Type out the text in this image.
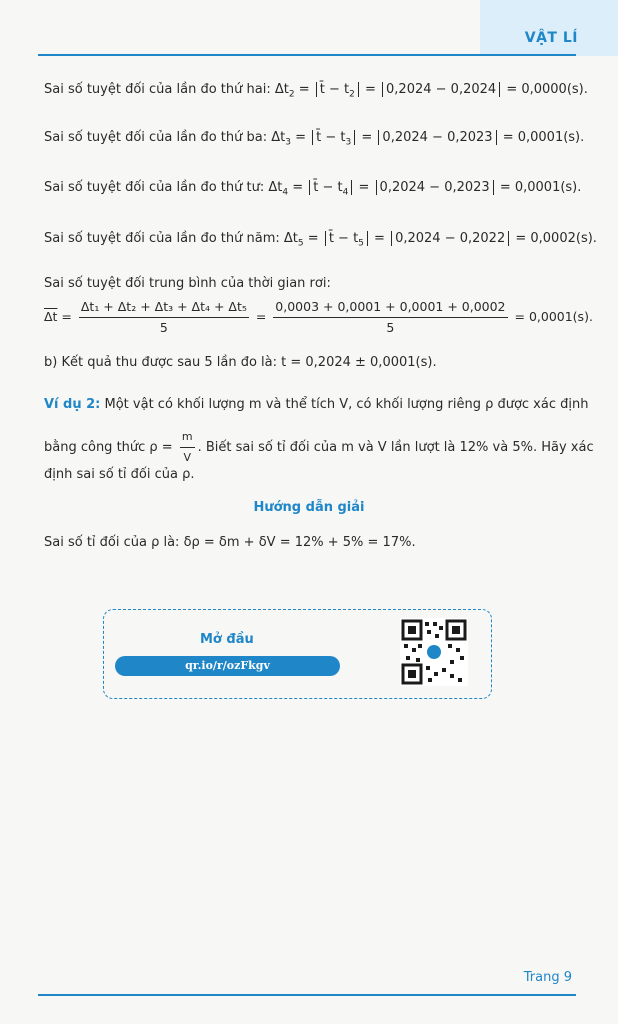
VẬT LÍ
Sai số tuyệt đối của lần đo thứ hai: $\Delta t_2$ = t̄ − $t_2 = 0,2024 - 0,2024 = 0,0000(s)$.
Sai số tuyệt đối của lần đo thứ ba: $\Delta t_3$ = t̄ − $t_3 = 0,2024 - 0,2023 = 0,0001(s)$.
Sai số tuyệt đối của lần đo thứ tư: $\Delta t_4$ = t̄ − $t_4 = 0,2024 - 0,2023 = 0,0001(s)$.
Sai số tuyệt đối của lần đo thứ năm: $\Delta t_5$ = t̄ − $t_5 = 0,2024 - 0,2022 = 0,0002(s)$.
Sai số tuyệt đối trung bình của thời gian rơi:
$\overline{\Delta t} = \frac{\text{Δt₁ + Δt₂ + Δt₃ + Δt₄ + Δt₅}}{5} = \frac{0,0003 + 0,0001 + 0,0001 + 0,0002}{5} = 0,0001(s)$.
b) Kết quả thu được sau 5 lần đo là: t = 0,2024 ± 0,0001(s).
Ví dụ 2: Một vật có khối lượng m và thể tích V, có khối lượng riêng ρ được xác định
bằng công thức $\rho = \frac{m}{V}$ . Biết sai số tỉ đối của m và V lần lượt là 12% và 5%. Hãy xác
định sai số tỉ đối của ρ.
Hướng dẫn giải
Sai số tỉ đối của ρ là: δρ = δm + δV = 12% + 5% = 17%.
Mở đầu
qr.io/r/ozFkgv
Trang 9
